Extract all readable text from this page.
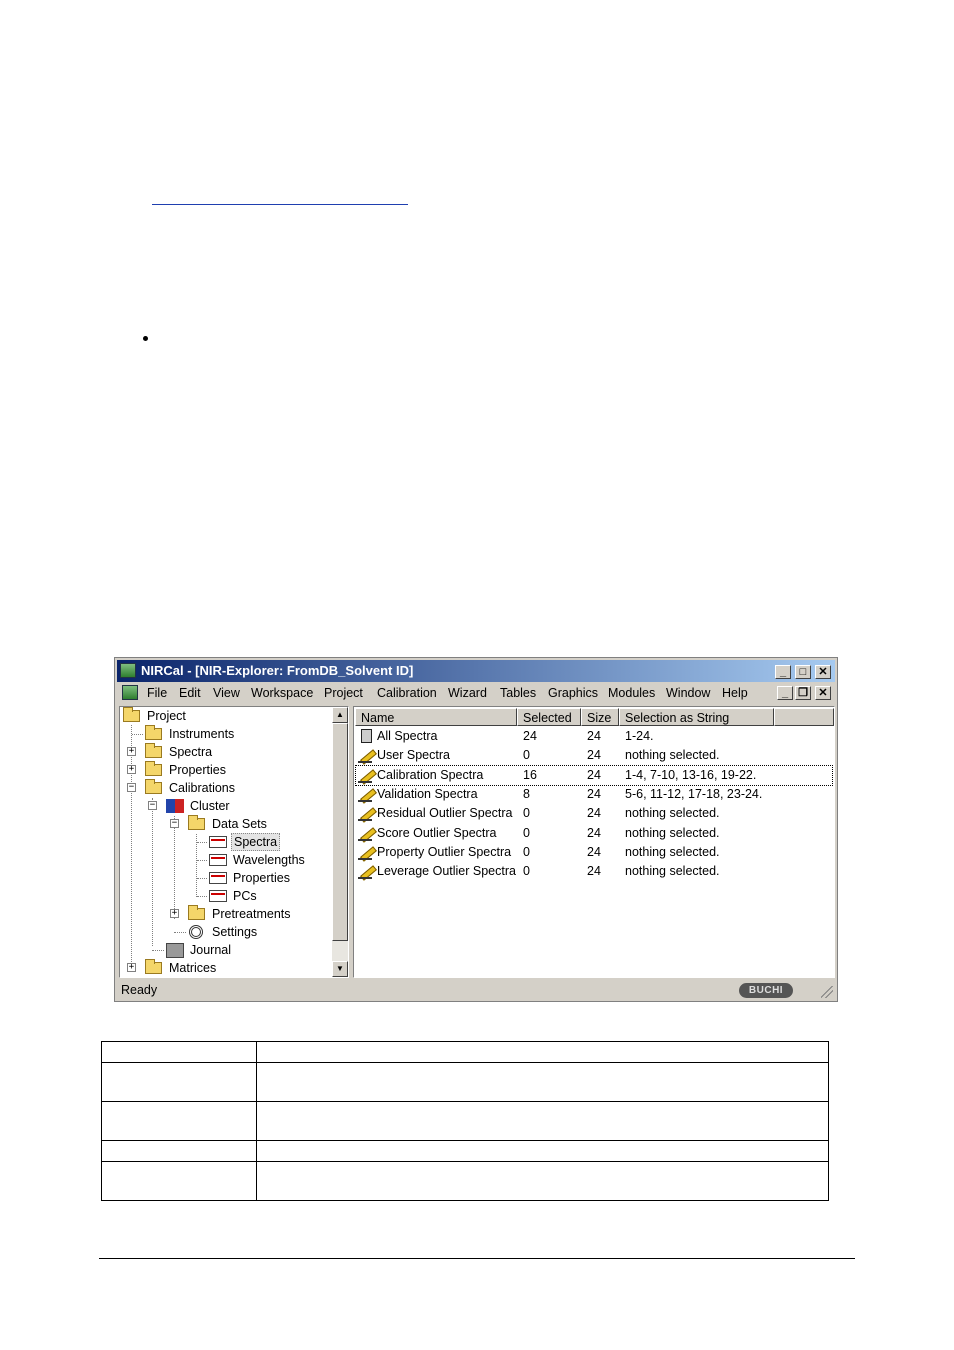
NIRCal - [NIR-Explorer: FromDB_Solvent ID]	_	□	✕
File Edit View Workspace Project Calibration Wizard Tables Graphics Modules Window Help	_ ❐ ✕
Project
Instruments
+	Spectra
+	Properties
−	Calibrations
−	Cluster
−	Data Sets
Spectra
Wavelengths
Properties
PCs
+	Pretreatments
Settings
Journal
+	Matrices
▲
▼
Name	Selected	Size	Selection as String
All Spectra	24	24 1-24.
User Spectra	0	24 nothing selected.
Calibration Spectra	16	24 1-4, 7-10, 13-16, 19-22.
Validation Spectra	8	24 5-6, 11-12, 17-18, 23-24.
Residual Outlier Spectra 0	24 nothing selected.
Score Outlier Spectra 0	24 nothing selected.
Property Outlier Spectra 0	24 nothing selected.
Leverage Outlier Spectra 0	24 nothing selected.
Ready	BUCHI
